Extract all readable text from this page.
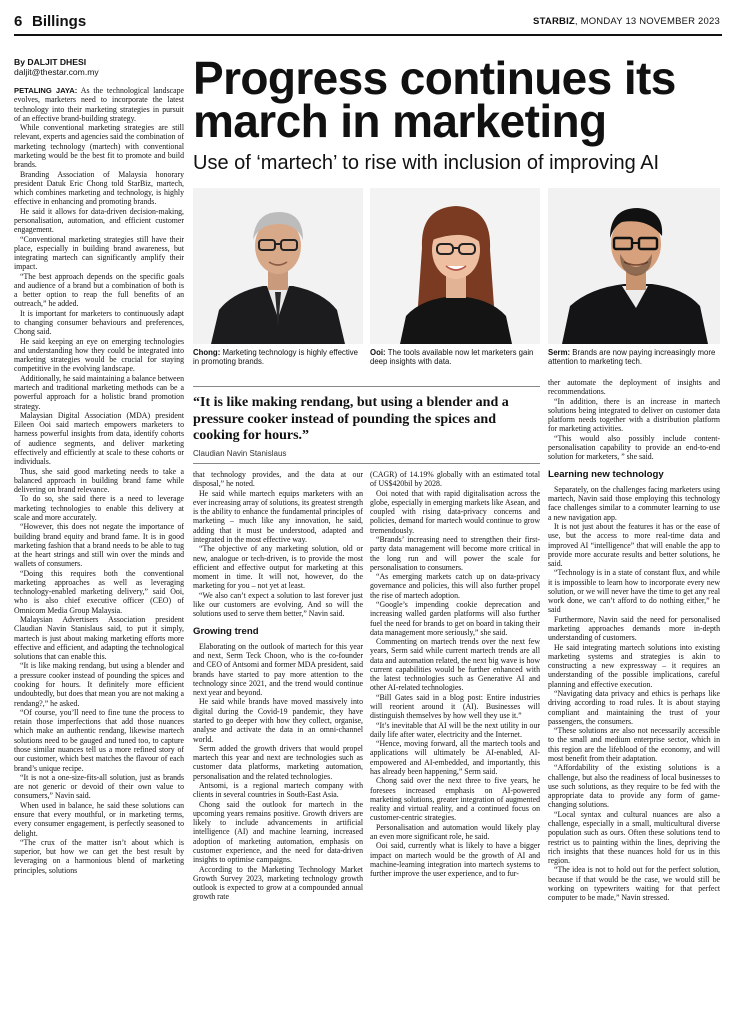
6 Billings	STARBIZ, MONDAY 13 NOVEMBER 2023
By DALJIT DHESI
daljit@thestar.com.my Progress continues its march in marketing
Use of ‘martech’ to rise with inclusion of improving AI
Chong: Marketing technology is highly effective in promoting brands.
Ooi: The tools available now let marketers gain deep insights with data.
Serm: Brands are now paying increasingly more attention to marketing tech.
“It is like making rendang, but using a blender and a pressure cooker instead of pounding the spices and cooking for hours.”
Claudian Navin Stanislaus

PETALING JAYA: As the technological landscape evolves, marketers need to incorporate the latest technology into their marketing strategies in pursuit of an effective brand-building strategy.

While conventional marketing strategies are still relevant, experts and agencies said the combination of marketing technology (martech) with conventional marketing would be the best fit to promote and build brands.

Branding Association of Malaysia honorary president Datuk Eric Chong told StarBiz, martech, which combines marketing and technology, is highly effective in enhancing and promoting brands.

He said it allows for data-driven decision-making, personalisation, automation, and efficient customer engagement.

“Conventional marketing strategies still have their place, especially in building brand awareness, but integrating martech can significantly amplify their impact.

“The best approach depends on the specific goals and audience of a brand but a combination of both is a better option to reap the full benefits of an outreach,” he added.

It is important for marketers to continuously adapt to changing consumer behaviours and preferences, Chong said.

He said keeping an eye on emerging technologies and understanding how they could be integrated into marketing strategies would be crucial for staying competitive in the evolving landscape.

Additionally, he said maintaining a balance between martech and traditional marketing methods can be a powerful approach for a holistic brand promotion strategy.

Malaysian Digital Association (MDA) president Eileen Ooi said martech empowers marketers to harness powerful insights from data, identify cohorts of audience segments, and deliver marketing effectively and efficiently at scale to these cohorts or individuals.

Thus, she said good marketing needs to take a balanced approach in building brand fame while delivering on brand relevance.

To do so, she said there is a need to leverage marketing technologies to enable this delivery at scale and more accurately.

“However, this does not negate the importance of building brand equity and brand fame. It is in good marketing fashion that a brand needs to be able to tug at the heart strings and still win over the minds and wallets of consumers.

“Doing this requires both the conventional marketing approaches as well as leveraging technology-enabled marketing delivery,” said Ooi, who is also chief executive officer (CEO) of Omnicom Media Group Malaysia.

Malaysian Advertisers Association president Claudian Navin Stanislaus said, to put it simply, martech is just about making marketing efforts more effective and efficient, and adapting the technological solutions that can enable this.

“It is like making rendang, but using a blender and a pressure cooker instead of pounding the spices and cooking for hours. It definitely more efficient undoubtedly, but does that mean you are not making a rendang?,” he asked.

“Of course, you’ll need to fine tune the process to retain those imperfections that add those nuances which make an authentic rendang, likewise martech solutions need to be gauged and tuned too, to capture those similar nuances tell us a more refined story of our customer, which best matches the flavour of each brand’s unique recipe.

“It is not a one-size-fits-all solution, just as brands are not generic or devoid of their own value to consumers,” Navin said.

When used in balance, he said these solutions can ensure that every mouthful, or in marketing terms, every consumer engagement, is perfectly seasoned to delight.

“The crux of the matter isn’t about which is superior, but how we can get the best result by leveraging on a harmonious blend of marketing principles, solutions

that technology provides, and the data at our disposal,” he noted.

He said while martech equips marketers with an ever increasing array of solutions, its greatest strength is the ability to enhance the fundamental principles of marketing – much like any innovation, he said, adding that it must be understood, adapted and integrated in the most effective way.

“The objective of any marketing solution, old or new, analogue or tech-driven, is to provide the most efficient and effective output for marketing at this moment in time. It will not, however, do the marketing for you – not yet at least.

“We also can’t expect a solution to last forever just like our customers are evolving. And so will the solutions used to serve them better,” Navin said.

Growing trend

Elaborating on the outlook of martech for this year and next, Serm Teck Choon, who is the co-founder and CEO of Antsomi and former MDA president, said brands have started to pay more attention to the technology since 2021, and the trend would continue next year and beyond.

He said while brands have moved massively into digital during the Covid-19 pandemic, they have started to go deeper with how they collect, organise, analyse and activate the data in an omni-channel world.

Serm added the growth drivers that would propel martech this year and next are technologies such as customer data platforms, marketing automation, personalisation and the related technologies.

Antsomi, is a regional martech company with clients in several countries in South-East Asia.

Chong said the outlook for martech in the upcoming years remains positive. Growth drivers are likely to include advancements in artificial intelligence (AI) and machine learning, increased adoption of marketing automation, emphasis on customer experience, and the need for data-driven insights to optimise campaigns.

According to the Marketing Technology Market Growth Survey 2023, marketing technology growth outlook is expected to grow at a compounded annual growth rate

(CAGR) of 14.19% globally with an estimated total of US$420bil by 2028.

Ooi noted that with rapid digitalisation across the globe, especially in emerging markets like Asean, and coupled with rising data-privacy concerns and policies, demand for martech would continue to grow tremendously.

“Brands’ increasing need to strengthen their first-party data management will become more critical in the long run and will power the scale for personalisation to consumers.

“As emerging markets catch up on data-privacy governance and policies, this will also further propel the rise of martech adoption.

“Google’s impending cookie deprecation and increasing walled garden platforms will also further fuel the need for brands to get on board in taking their data management more seriously,” she said.

Commenting on martech trends over the next few years, Serm said while current martech trends are all data and automation related, the next big wave is how current capabilities would be further enhanced with the latest technologies such as Generative AI and other AI-related technologies.

“Bill Gates said in a blog post: Entire industries will reorient around it (AI). Businesses will distinguish themselves by how well they use it.”

“It’s inevitable that AI will be the next utility in our daily life after water, electricity and the Internet.

“Hence, moving forward, all the martech tools and applications will ultimately be AI-enabled, AI-empowered and AI-embedded, and importantly, this has already been happening,” Serm said.

Chong said over the next three to five years, he foresees increased emphasis on AI-powered marketing solutions, greater integration of augmented reality and virtual reality, and a continued focus on customer-centric strategies.

Personalisation and automation would likely play an even more significant role, he said.

Ooi said, currently what is likely to have a bigger impact on martech would be the growth of AI and machine-learning integration into martech systems to further improve the user experience, and to fur-

ther automate the deployment of insights and recommendations.

“In addition, there is an increase in martech solutions being integrated to deliver on customer data platform needs together with a distribution platform for marketing activities.

“This would also possibly include content-personalisation capability to provide an end-to-end solution for marketers, ” she said.

Learning new technology

Separately, on the challenges facing marketers using martech, Navin said those employing this technology face challenges similar to a commuter learning to use a new navigation app.

It is not just about the features it has or the ease of use, but the access to more real-time data and improved AI “intelligence” that will enable the app to provide more accurate results and better solutions, he said.

“Technology is in a state of constant flux, and while it is impossible to learn how to incorporate every new solution, or we will never have the time to get any real work done, we can’t afford to do nothing either,” he said

Furthermore, Navin said the need for personalised marketing approaches demands more in-depth understanding of customers.

He said integrating martech solutions into existing marketing systems and strategies is akin to constructing a new expressway – it requires an understanding of the possible implications, careful planning and effective execution.

“Navigating data privacy and ethics is perhaps like driving according to road rules. It is about staying compliant and maintaining the trust of your passengers, the consumers.

“These solutions are also not necessarily accessible to the small and medium enterprise sector, which in this region are the lifeblood of the economy, and will most benefit from their adaptation.

“Affordability of the existing solutions is a challenge, but also the readiness of local businesses to use such solutions, as they require to be fed with the appropriate data to provide any form of game-changing solutions.

“Local syntax and cultural nuances are also a challenge, especially in a small, multicultural diverse population such as ours. Often these solutions tend to restrict us to painting within the lines, depriving the rich insights that these nuances hold for us in this region.

“The idea is not to hold out for the perfect solution, because if that would be the case, we would still be working on typewriters waiting for that perfect computer to be made,” Navin stressed.
